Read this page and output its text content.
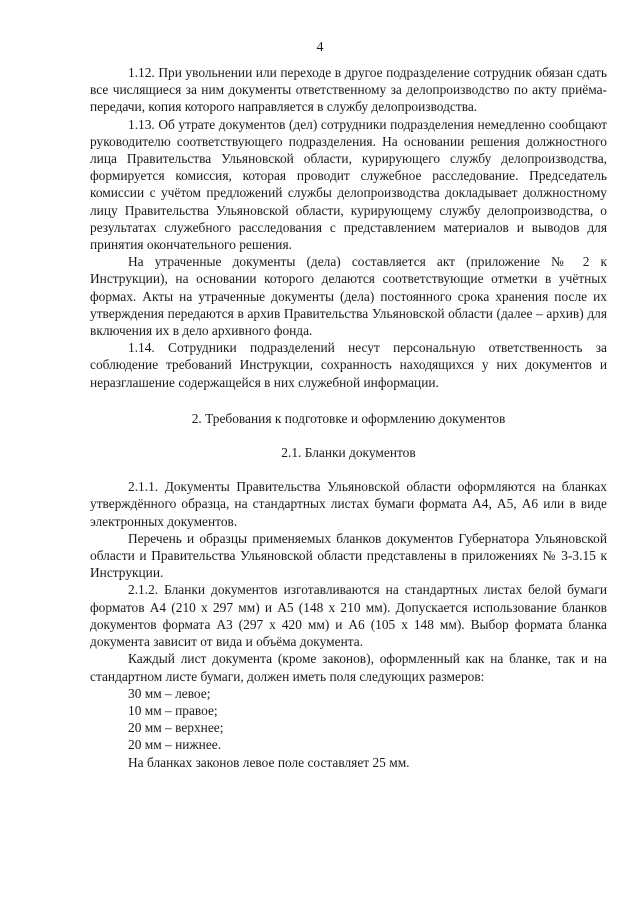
4

1.12. При увольнении или переходе в другое подразделение сотрудник обязан сдать все числящиеся за ним документы ответственному за делопроизводство по акту приёма-передачи, копия которого направляется в службу делопроизводства.

1.13. Об утрате документов (дел) сотрудники подразделения немедленно сообщают руководителю соответствующего подразделения. На основании решения должностного лица Правительства Ульяновской области, курирующего службу делопроизводства, формируется комиссия, которая проводит служебное расследование. Председатель комиссии с учётом предложений службы делопроизводства докладывает должностному лицу Правительства Ульяновской области, курирующему службу делопроизводства, о результатах служебного расследования с представлением материалов и выводов для принятия окончательного решения.

На утраченные документы (дела) составляется акт (приложение № 2 к Инструкции), на основании которого делаются соответствующие отметки в учётных формах. Акты на утраченные документы (дела) постоянного срока хранения после их утверждения передаются в архив Правительства Ульяновской области (далее – архив) для включения их в дело архивного фонда.

1.14. Сотрудники подразделений несут персональную ответственность за соблюдение требований Инструкции, сохранность находящихся у них документов и неразглашение содержащейся в них служебной информации.

2. Требования к подготовке и оформлению документов

2.1. Бланки документов

2.1.1. Документы Правительства Ульяновской области оформляются на бланках утверждённого образца, на стандартных листах бумаги формата А4, А5, А6 или в виде электронных документов.

Перечень и образцы применяемых бланков документов Губернатора Ульяновской области и Правительства Ульяновской области представлены в приложениях № 3-3.15 к Инструкции.

2.1.2. Бланки документов изготавливаются на стандартных листах белой бумаги форматов А4 (210 х 297 мм) и А5 (148 х 210 мм). Допускается использование бланков документов формата А3 (297 х 420 мм) и А6 (105 х 148 мм). Выбор формата бланка документа зависит от вида и объёма документа.

Каждый лист документа (кроме законов), оформленный как на бланке, так и на стандартном листе бумаги, должен иметь поля следующих размеров:

30 мм – левое;

10 мм – правое;

20 мм – верхнее;

20 мм – нижнее.

На бланках законов левое поле составляет 25 мм.
